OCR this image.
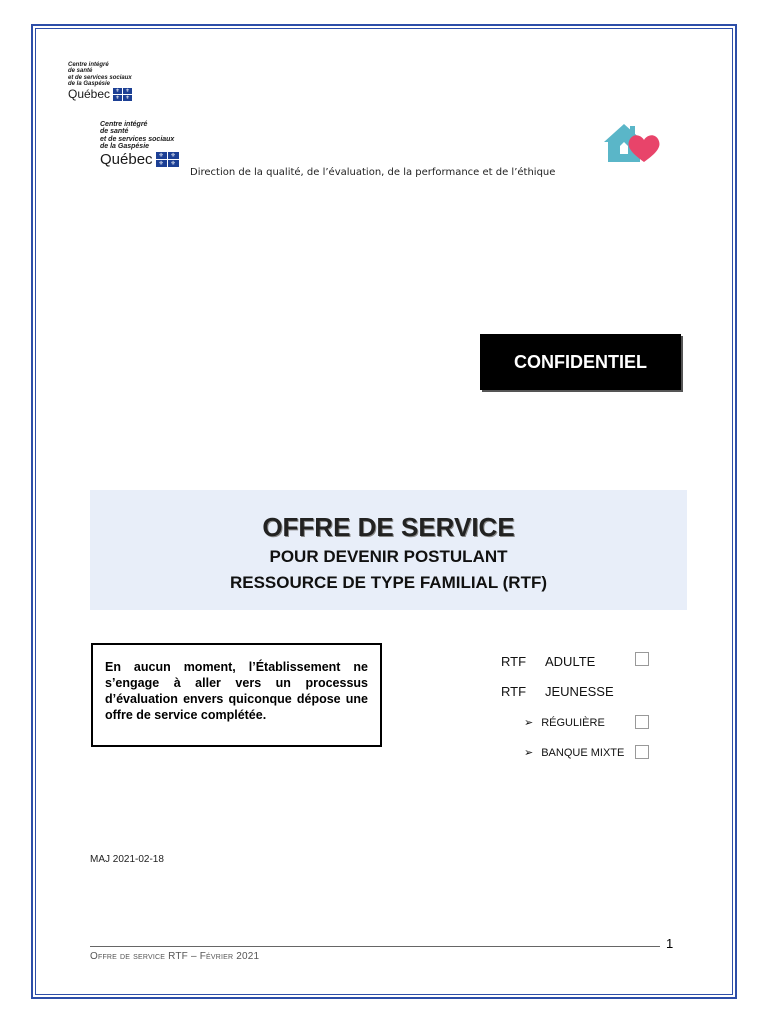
Centre intégré
de santé
et de services sociaux
de la Gaspésie
Québec	⚜	⚜
⚜	⚜
Centre intégré
de santé
et de services sociaux
de la Gaspésie
Québec ⚜	⚜
⚜	⚜
Direction de la qualité, de l’évaluation, de la performance et de l’éthique
CONFIDENTIEL
OFFRE DE SERVICE
POUR DEVENIR POSTULANT
RESSOURCE DE TYPE FAMILIAL (RTF)
En aucun moment, l’Établissement ne s’engage à aller vers un processus d’évaluation envers quiconque dépose une offre de service complétée.
RTF ADULTE
RTF JEUNESSE
➢ RÉGULIÈRE
➢ BANQUE MIXTE
MAJ 2021-02-18
1
Offre de service RTF – Février 2021
